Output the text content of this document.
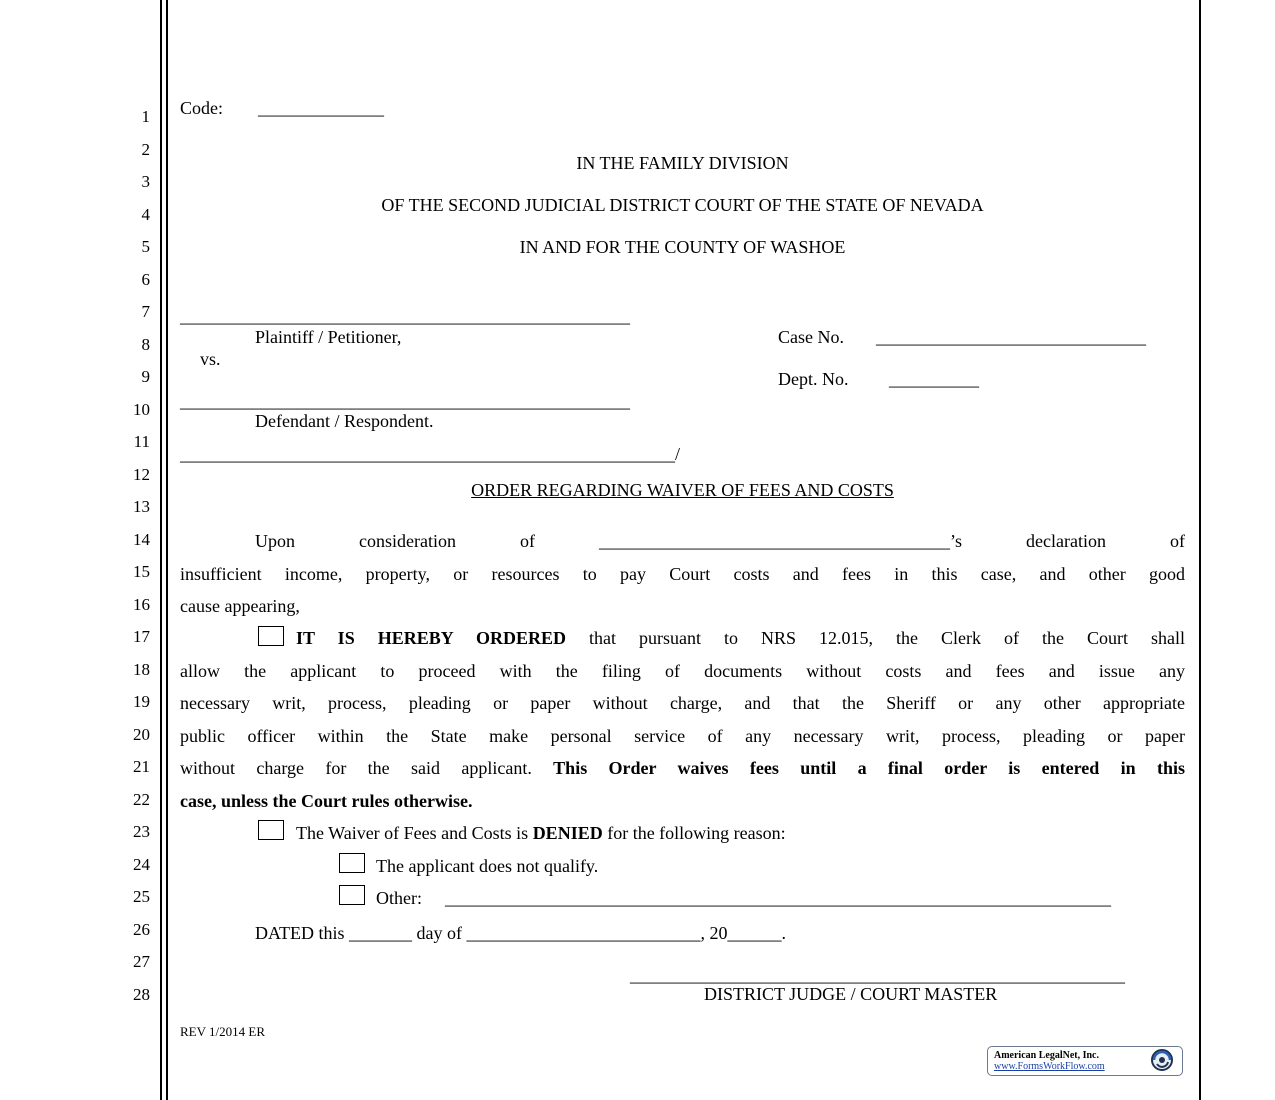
1
2
3
4
5
6
7
8
9
10
11
12
13
14
15
16
17
18
19
20
21
22
23
24
25
26
27
28
Code: ______________
IN THE FAMILY DIVISION
OF THE SECOND JUDICIAL DISTRICT COURT OF THE STATE OF NEVADA
IN AND FOR THE COUNTY OF WASHOE
__________________________________________________
Plaintiff / Petitioner,
vs.
__________________________________________________
Defendant / Respondent.
_______________________________________________________/
Case No. ______________________________
Dept. No. __________
ORDER REGARDING WAIVER OF FEES AND COSTS
Upon	consideration	of	_______________________________________’s	declaration	of
insufficient income, property, or resources to pay Court costs and fees in this case, and other good
cause appearing,
IT IS HEREBY ORDERED that pursuant to NRS 12.015, the Clerk of the Court shall
allow the applicant to proceed with the filing of documents without costs and fees and issue any
necessary writ, process, pleading or paper without charge, and that the Sheriff or any other appropriate
public officer within the State make personal service of any necessary writ, process, pleading or paper
without charge for the said applicant. This Order waives fees until a final order is entered in this
case, unless the Court rules otherwise.
The Waiver of Fees and Costs is DENIED for the following reason:
The applicant does not qualify.
Other: __________________________________________________________________________
DATED this _______ day of __________________________, 20______.
_______________________________________________________
DISTRICT JUDGE / COURT MASTER
REV 1/2014 ER
American LegalNet, Inc.
www.FormsWorkFlow.com
